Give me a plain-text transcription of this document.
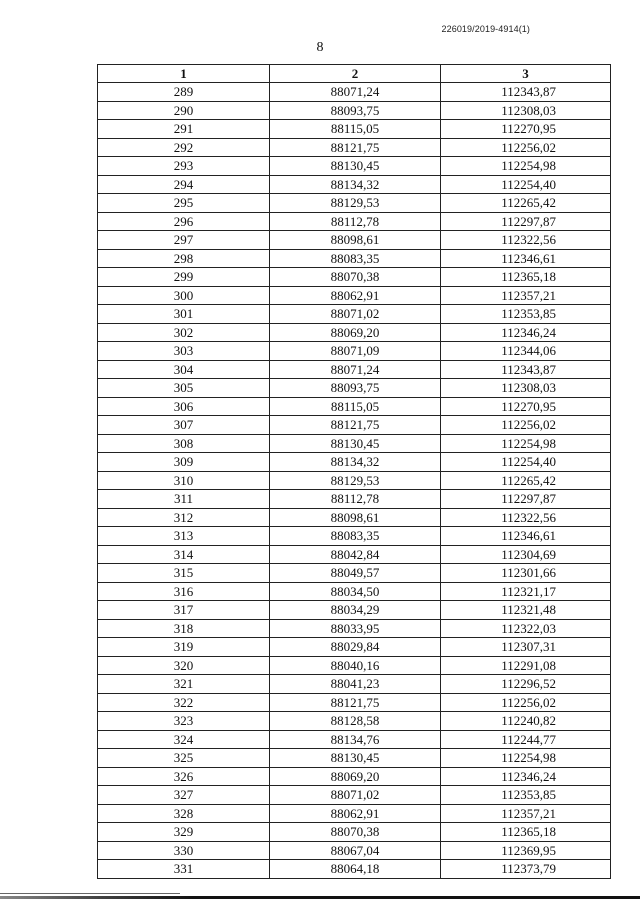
226019/2019-4914(1)
8
1	2	3
289	88071,24	112343,87
290	88093,75	112308,03
291	88115,05	112270,95
292	88121,75	112256,02
293	88130,45	112254,98
294	88134,32	112254,40
295	88129,53	112265,42
296	88112,78	112297,87
297	88098,61	112322,56
298	88083,35	112346,61
299	88070,38	112365,18
300	88062,91	112357,21
301	88071,02	112353,85
302	88069,20	112346,24
303	88071,09	112344,06
304	88071,24	112343,87
305	88093,75	112308,03
306	88115,05	112270,95
307	88121,75	112256,02
308	88130,45	112254,98
309	88134,32	112254,40
310	88129,53	112265,42
311	88112,78	112297,87
312	88098,61	112322,56
313	88083,35	112346,61
314	88042,84	112304,69
315	88049,57	112301,66
316	88034,50	112321,17
317	88034,29	112321,48
318	88033,95	112322,03
319	88029,84	112307,31
320	88040,16	112291,08
321	88041,23	112296,52
322	88121,75	112256,02
323	88128,58	112240,82
324	88134,76	112244,77
325	88130,45	112254,98
326	88069,20	112346,24
327	88071,02	112353,85
328	88062,91	112357,21
329	88070,38	112365,18
330	88067,04	112369,95
331	88064,18	112373,79
